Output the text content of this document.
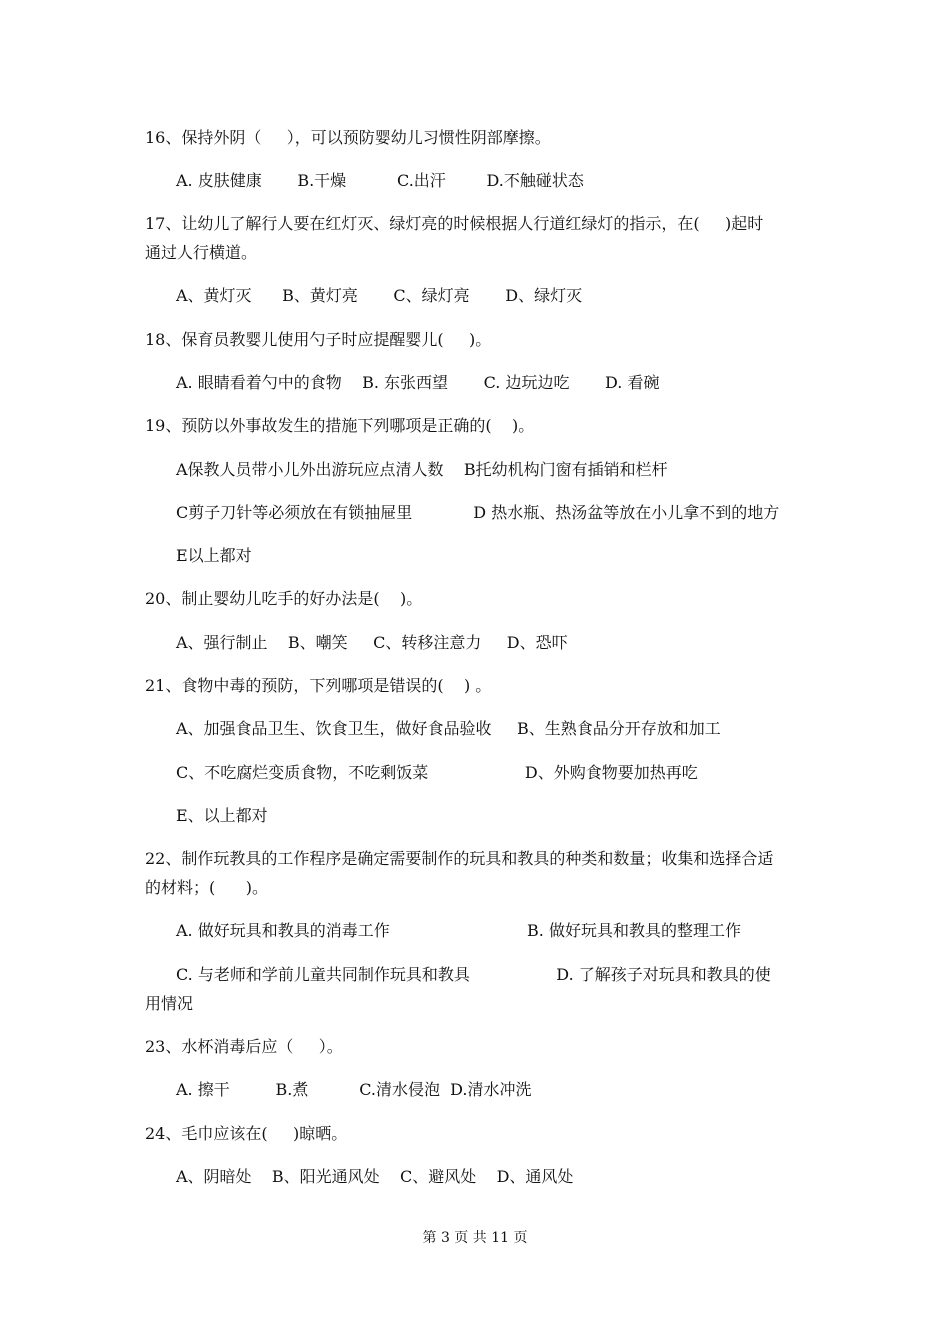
16、保持外阴（     ），可以预防婴幼儿习惯性阴部摩擦。
A. 皮肤健康       B.干燥          C.出汗        D.不触碰状态
17、让幼儿了解行人要在红灯灭、绿灯亮的时候根据人行道红绿灯的指示，在(     )起时
通过人行横道。
A、黄灯灭      B、黄灯亮       C、绿灯亮       D、绿灯灭
18、保育员教婴儿使用勺子时应提醒婴儿(     )。
A. 眼睛看着勺中的食物    B. 东张西望       C. 边玩边吃       D. 看碗
19、预防以外事故发生的措施下列哪项是正确的(    )。
A保教人员带小儿外出游玩应点清人数    B托幼机构门窗有插销和栏杆
C剪子刀针等必须放在有锁抽屉里            D 热水瓶、热汤盆等放在小儿拿不到的地方
E以上都对
20、制止婴幼儿吃手的好办法是(    )。
A、强行制止    B、嘲笑     C、转移注意力     D、恐吓
21、食物中毒的预防，下列哪项是错误的(    ) 。
A、加强食品卫生、饮食卫生，做好食品验收     B、生熟食品分开存放和加工
C、不吃腐烂变质食物，不吃剩饭菜                   D、外购食物要加热再吃
E、以上都对
22、制作玩教具的工作程序是确定需要制作的玩具和教具的种类和数量；收集和选择合适
的材料；(      )。
A. 做好玩具和教具的消毒工作                           B. 做好玩具和教具的整理工作
C. 与老师和学前儿童共同制作玩具和教具                 D. 了解孩子对玩具和教具的使
用情况
23、水杯消毒后应（     ）。
A. 擦干         B.煮          C.清水侵泡  D.清水冲洗
24、毛巾应该在(     )晾晒。
A、阴暗处    B、阳光通风处    C、避风处    D、通风处
第 3 页 共 11 页
